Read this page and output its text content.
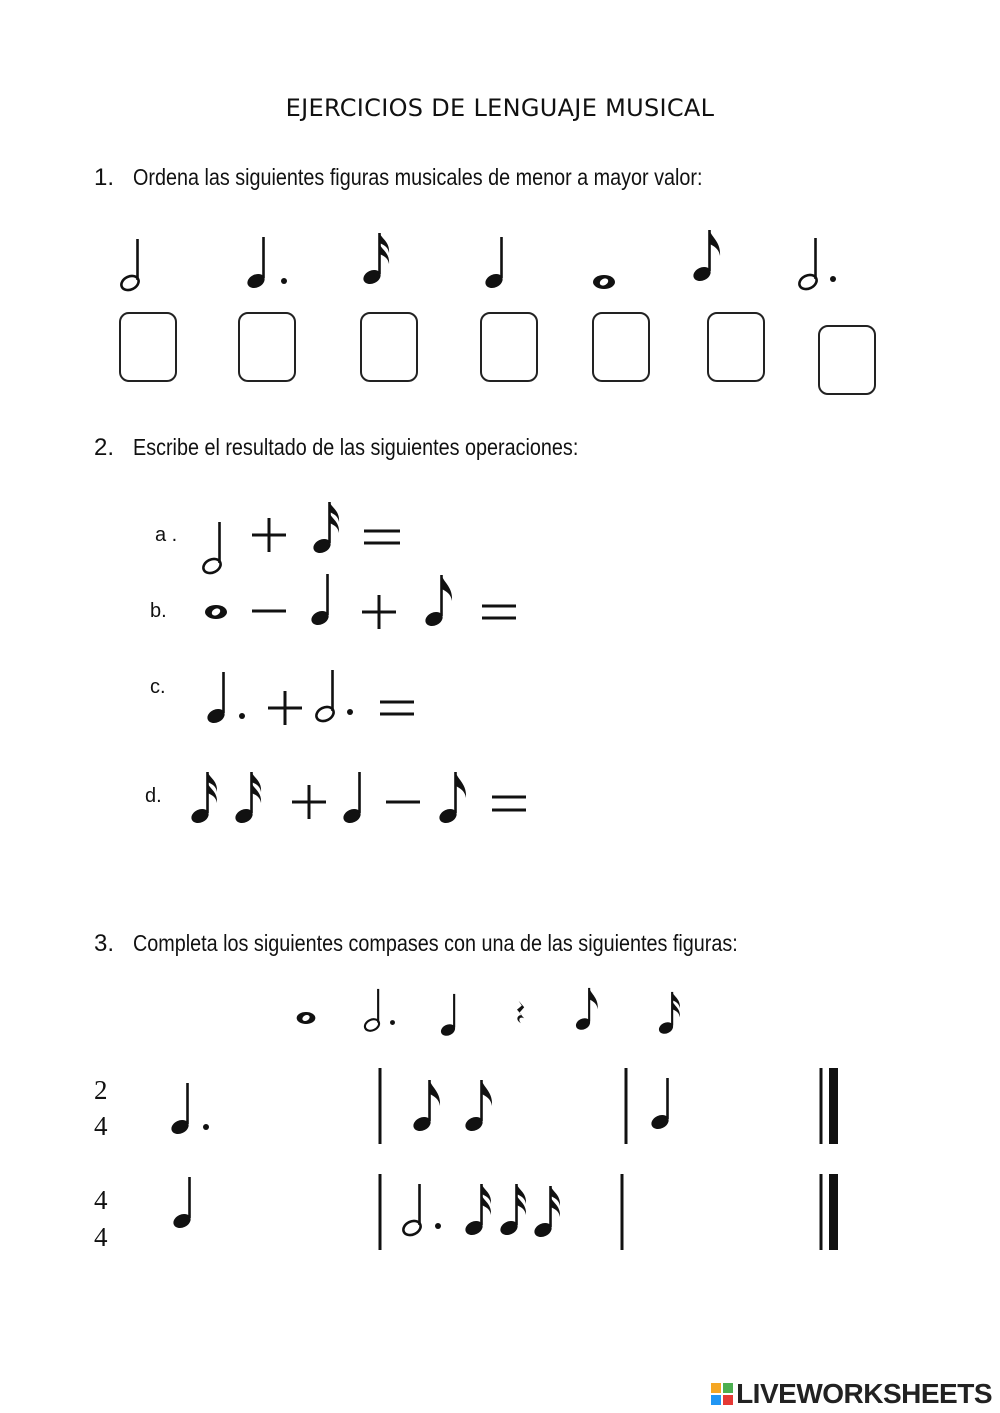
EJERCICIOS DE LENGUAJE MUSICAL
1. Ordena las siguientes figuras musicales de menor a mayor valor:
2. Escribe el resultado de las siguientes operaciones:
a .
b.
c.
d.
3. Completa los siguientes compases con una de las siguientes figuras:
2
4
4
4
LIVEWORKSHEETS
